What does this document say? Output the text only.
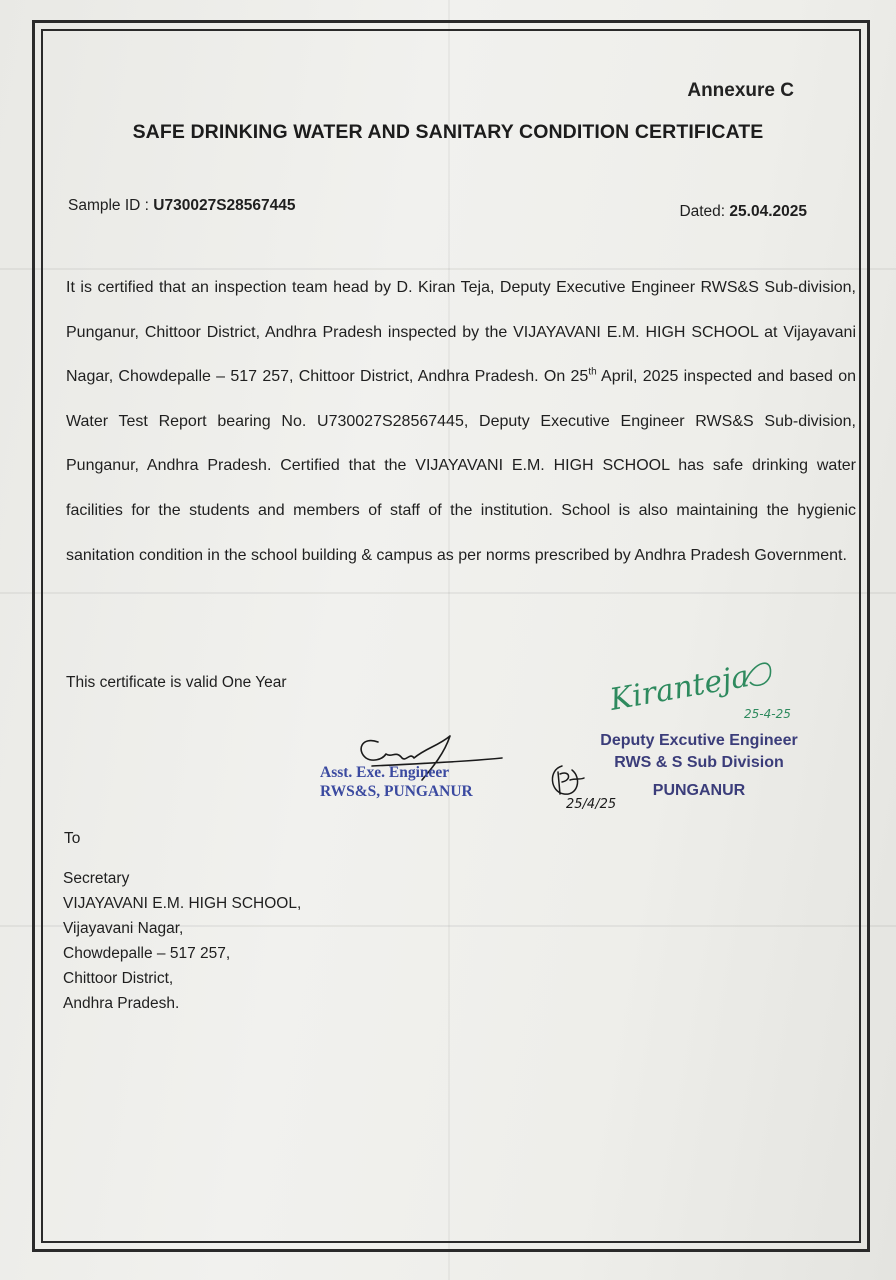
Annexure C
SAFE DRINKING WATER AND SANITARY CONDITION CERTIFICATE
Sample ID : U730027S28567445	Dated: 25.04.2025

It is certified that an inspection team head by D. Kiran Teja, Deputy Executive Engineer RWS&S Sub-division, Punganur, Chittoor District, Andhra Pradesh inspected by the VIJAYAVANI E.M. HIGH SCHOOL at Vijayavani Nagar, Chowdepalle – 517 257, Chittoor District, Andhra Pradesh. On 25th April, 2025 inspected and based on Water Test Report bearing No. U730027S28567445, Deputy Executive Engineer RWS&S Sub-division, Punganur, Andhra Pradesh. Certified that the VIJAYAVANI E.M. HIGH SCHOOL has safe drinking water facilities for the students and members of staff of the institution. School is also maintaining the hygienic sanitation condition in the school building & campus as per norms prescribed by Andhra Pradesh Government.

This certificate is valid One Year
Asst. Exe. Engineer
RWS&S, PUNGANUR
25/4/25
Kiranteja
25-4-25
Deputy Excutive Engineer
RWS & S Sub Division
PUNGANUR
To
Secretary
VIJAYAVANI E.M. HIGH SCHOOL,
Vijayavani Nagar,
Chowdepalle – 517 257,
Chittoor District,
Andhra Pradesh.
